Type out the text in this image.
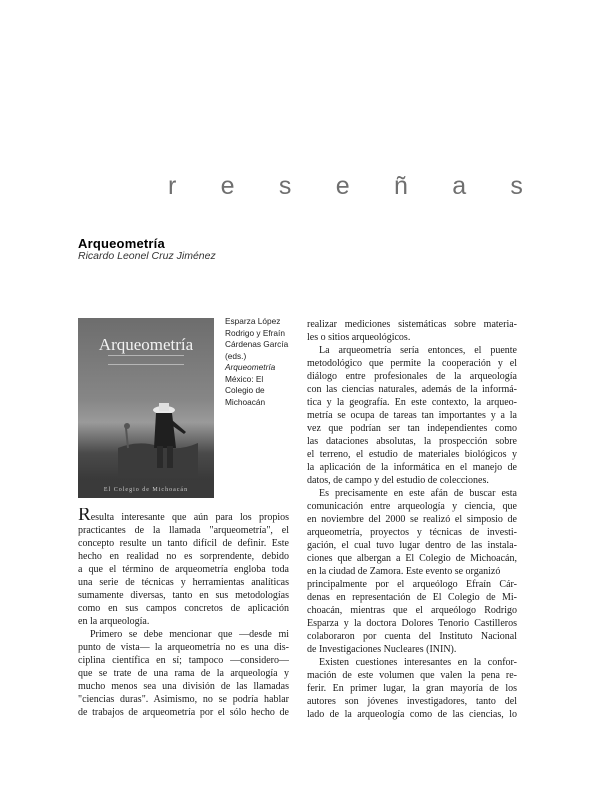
r e s e ñ a s
Arqueometría
Ricardo Leonel Cruz Jiménez
Arqueometría
El Colegio de Michoacán
Esparza López
Rodrigo y Efraín
Cárdenas García
(eds.)
Arqueometría
México: El
Colegio de
Michoacán
Resulta interesante que aún para los propios
practicantes de la llamada "arqueometría", el
concepto resulte un tanto difícil de definir. Este
hecho en realidad no es sorprendente, debido
a que el término de arqueometría engloba toda
una serie de técnicas y herramientas analíticas
sumamente diversas, tanto en sus metodologías
como en sus campos concretos de aplicación
en la arqueología.
Primero se debe mencionar que —desde mi
punto de vista— la arqueometría no es una dis-
ciplina científica en sí; tampoco —considero—
que se trate de una rama de la arqueología y
mucho menos sea una división de las llamadas
"ciencias duras". Asimismo, no se podría hablar
de trabajos de arqueometría por el sólo hecho de
realizar mediciones sistemáticas sobre materia-
les o sitios arqueológicos.
La arqueometría sería entonces, el puente
metodológico que permite la cooperación y el
diálogo entre profesionales de la arqueología
con las ciencias naturales, además de la informá-
tica y la geografía. En este contexto, la arqueo-
metría se ocupa de tareas tan importantes y a la
vez que podrían ser tan independientes como
las dataciones absolutas, la prospección sobre
el terreno, el estudio de materiales biológicos y
la aplicación de la informática en el manejo de
datos, de campo y del estudio de colecciones.
Es precisamente en este afán de buscar esta
comunicación entre arqueología y ciencia, que
en noviembre del 2000 se realizó el simposio de
arqueometría, proyectos y técnicas de investi-
gación, el cual tuvo lugar dentro de las instala-
ciones que albergan a El Colegio de Michoacán,
en la ciudad de Zamora. Este evento se organizó
principalmente por el arqueólogo Efraín Cár-
denas en representación de El Colegio de Mi-
choacán, mientras que el arqueólogo Rodrigo
Esparza y la doctora Dolores Tenorio Castilleros
colaboraron por cuenta del Instituto Nacional
de Investigaciones Nucleares (ININ).
Existen cuestiones interesantes en la confor-
mación de este volumen que valen la pena re-
ferir. En primer lugar, la gran mayoría de los
autores son jóvenes investigadores, tanto del
lado de la arqueología como de las ciencias, lo
